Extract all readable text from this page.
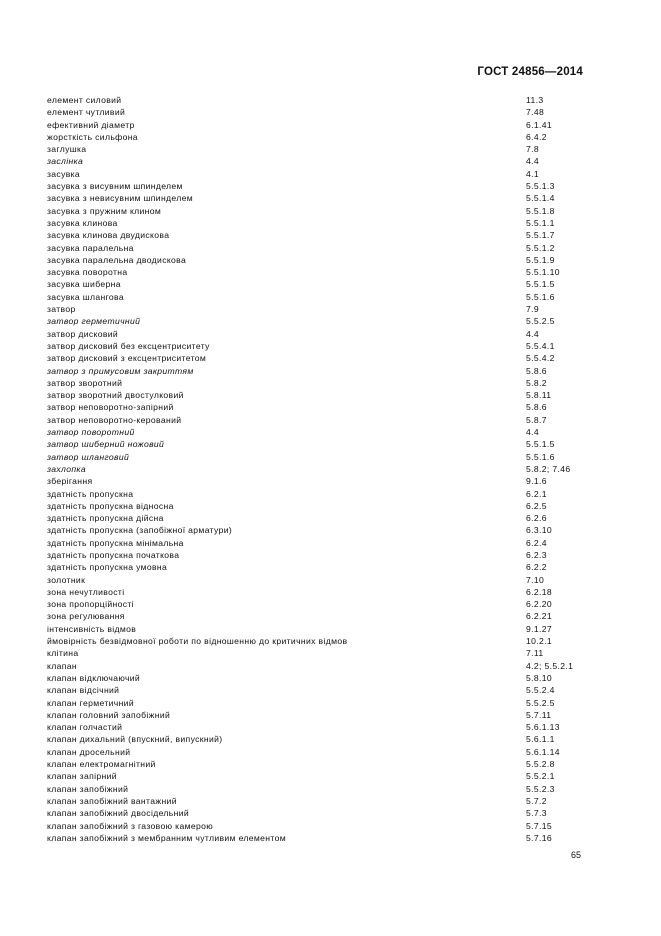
ГОСТ 24856—2014
елемент силовий	11.3
елемент чутливий	7.48
ефективний діаметр	6.1.41
жорсткість сильфона	6.4.2
заглушка	7.8
заслінка	4.4
засувка	4.1
засувка з висувним шпинделем	5.5.1.3
засувка з невисувним шпинделем	5.5.1.4
засувка з пружним клином	5.5.1.8
засувка клинова	5.5.1.1
засувка клинова двудискова	5.5.1.7
засувка паралельна	5.5.1.2
засувка паралельна дводискова	5.5.1.9
засувка поворотна	5.5.1.10
засувка шиберна	5.5.1.5
засувка шлангова	5.5.1.6
затвор	7.9
затвор герметичний	5.5.2.5
затвор дисковий	4.4
затвор дисковий без ексцентриситету	5.5.4.1
затвор дисковий з ексцентриситетом	5.5.4.2
затвор з примусовим закриттям	5.8.6
затвор зворотний	5.8.2
затвор зворотний двостулковий	5.8.11
затвор неповоротно-запірний	5.8.6
затвор неповоротно-керований	5.8.7
затвор поворотний	4.4
затвор шиберний ножовий	5.5.1.5
затвор шланговий	5.5.1.6
захлопка	5.8.2; 7.46
зберігання	9.1.6
здатність пропускна	6.2.1
здатність пропускна відносна	6.2.5
здатність пропускна дійсна	6.2.6
здатність пропускна (запобіжної арматури)	6.3.10
здатність пропускна мінімальна	6.2.4
здатність пропускна початкова	6.2.3
здатність пропускна умовна	6.2.2
золотник	7.10
зона нечутливості	6.2.18
зона пропорційності	6.2.20
зона регулювання	6.2.21
інтенсивність відмов	9.1.27
ймовірність безвідмовної роботи по відношенню до критичних відмов	10.2.1
клітина	7.11
клапан	4.2; 5.5.2.1
клапан відключаючий	5.8.10
клапан відсічний	5.5.2.4
клапан герметичний	5.5.2.5
клапан головний запобіжний	5.7.11
клапан голчастий	5.6.1.13
клапан дихальний (впускний, випускний)	5.6.1.1
клапан дросельний	5.6.1.14
клапан електромагнітний	5.5.2.8
клапан запірний	5.5.2.1
клапан запобіжний	5.5.2.3
клапан запобіжний вантажний	5.7.2
клапан запобіжний двосідельний	5.7.3
клапан запобіжний з газовою камерою	5.7.15
клапан запобіжний з мембранним чутливим елементом	5.7.16
65
